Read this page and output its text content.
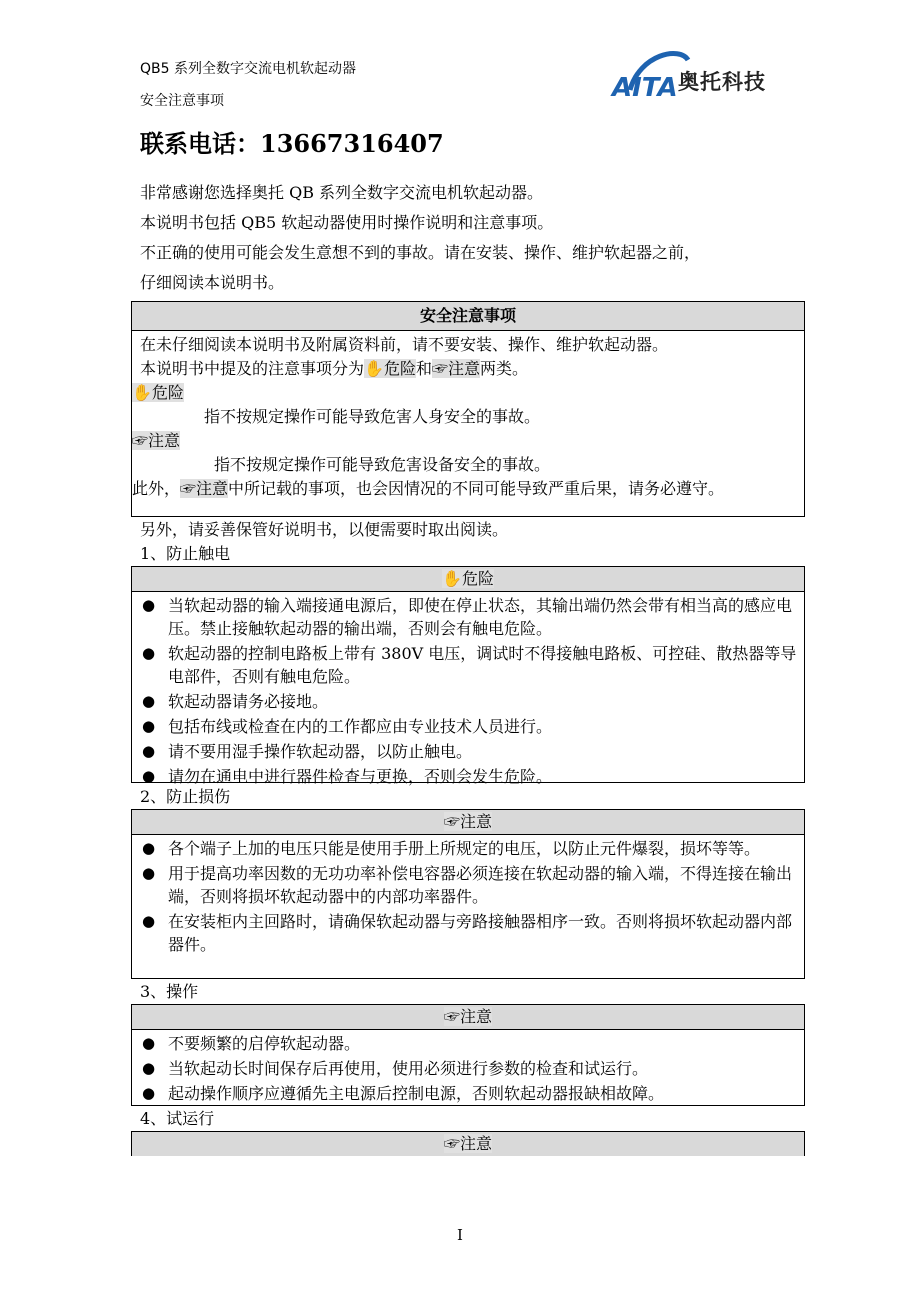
QB5 系列全数字交流电机软起动器
安全注意事项	AITA 奥托科技
联系电话：13667316407
非常感谢您选择奥托 QB 系列全数字交流电机软起动器。
本说明书包括 QB5 软起动器使用时操作说明和注意事项。
不正确的使用可能会发生意想不到的事故。请在安装、操作、维护软起器之前，
仔细阅读本说明书。
安全注意事项
在未仔细阅读本说明书及附属资料前，请不要安装、操作、维护软起动器。
本说明书中提及的注意事项分为✋危险和☞注意两类。
✋危险
指不按规定操作可能导致危害人身安全的事故。
☞注意
指不按规定操作可能导致危害设备安全的事故。
此外，☞注意中所记载的事项，也会因情况的不同可能导致严重后果，请务必遵守。
另外，请妥善保管好说明书，以便需要时取出阅读。
1、防止触电
✋危险
● 当软起动器的输入端接通电源后，即使在停止状态，其输出端仍然会带有相当高的感应电压。禁止接触软起动器的输出端，否则会有触电危险。
● 软起动器的控制电路板上带有 380V 电压，调试时不得接触电路板、可控硅、散热器等导电部件，否则有触电危险。
● 软起动器请务必接地。
● 包括布线或检查在内的工作都应由专业技术人员进行。
● 请不要用湿手操作软起动器，以防止触电。
● 请勿在通电中进行器件检查与更换，否则会发生危险。
2、防止损伤
☞注意
● 各个端子上加的电压只能是使用手册上所规定的电压，以防止元件爆裂，损坏等等。
● 用于提高功率因数的无功功率补偿电容器必须连接在软起动器的输入端，不得连接在输出端，否则将损坏软起动器中的内部功率器件。
● 在安装柜内主回路时，请确保软起动器与旁路接触器相序一致。否则将损坏软起动器内部器件。
3、操作
☞注意
● 不要频繁的启停软起动器。
● 当软起动长时间保存后再使用，使用必须进行参数的检查和试运行。
● 起动操作顺序应遵循先主电源后控制电源，否则软起动器报缺相故障。
4、试运行
☞注意
I
